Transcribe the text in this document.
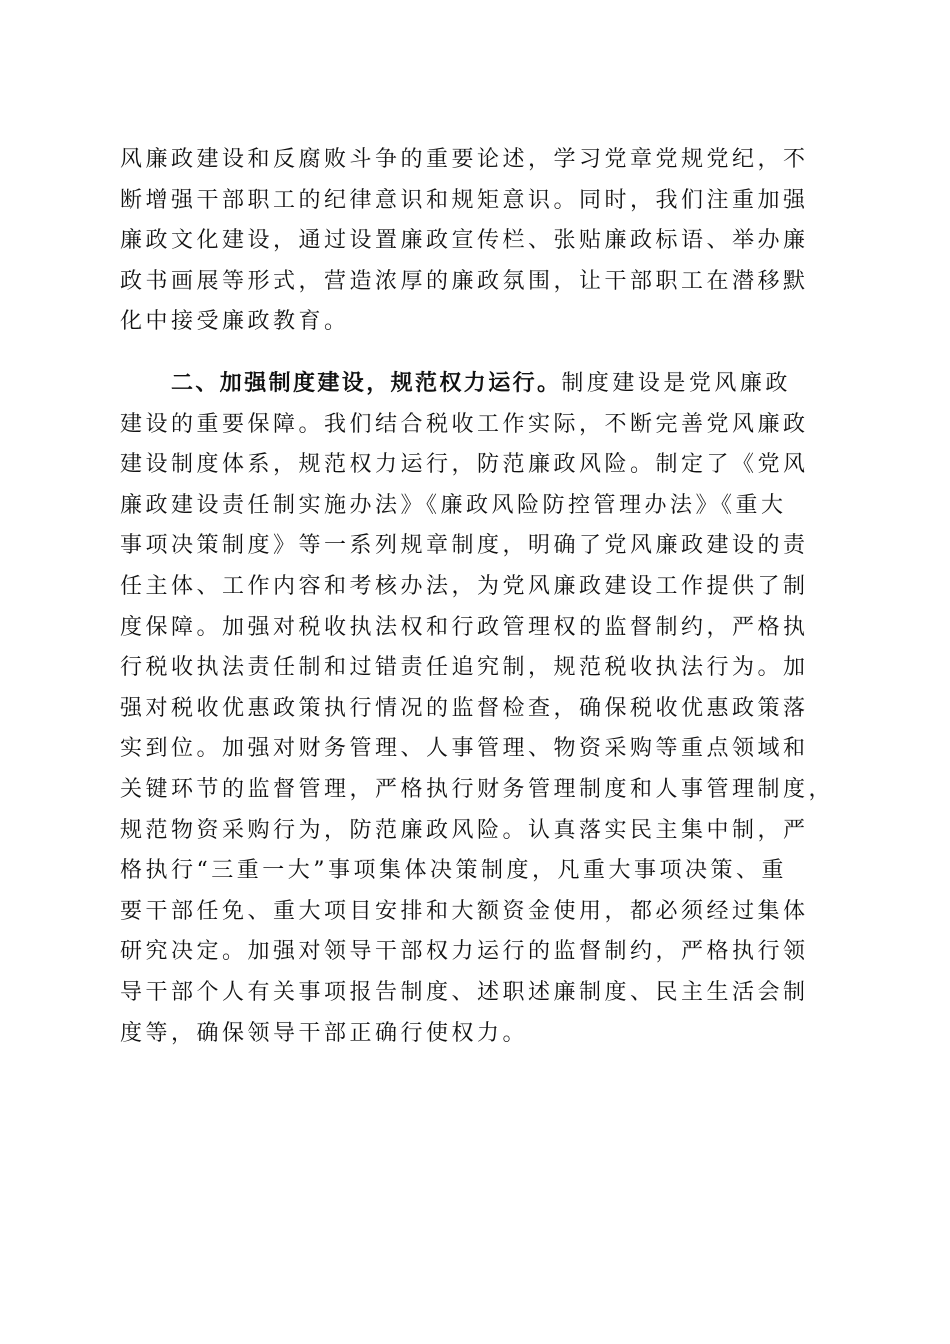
风廉政建设和反腐败斗争的重要论述，学习党章党规党纪，不
断增强干部职工的纪律意识和规矩意识。同时，我们注重加强
廉政文化建设，通过设置廉政宣传栏、张贴廉政标语、举办廉
政书画展等形式，营造浓厚的廉政氛围，让干部职工在潜移默
化中接受廉政教育。
二、加强制度建设，规范权力运行。制度建设是党风廉政
建设的重要保障。我们结合税收工作实际，不断完善党风廉政
建设制度体系，规范权力运行，防范廉政风险。制定了《党风
廉政建设责任制实施办法》《廉政风险防控管理办法》《重大
事项决策制度》等一系列规章制度，明确了党风廉政建设的责
任主体、工作内容和考核办法，为党风廉政建设工作提供了制
度保障。加强对税收执法权和行政管理权的监督制约，严格执
行税收执法责任制和过错责任追究制，规范税收执法行为。加
强对税收优惠政策执行情况的监督检查，确保税收优惠政策落
实到位。加强对财务管理、人事管理、物资采购等重点领域和
关键环节的监督管理，严格执行财务管理制度和人事管理制度，
规范物资采购行为，防范廉政风险。认真落实民主集中制，严
格执行“三重一大”事项集体决策制度，凡重大事项决策、重
要干部任免、重大项目安排和大额资金使用，都必须经过集体
研究决定。加强对领导干部权力运行的监督制约，严格执行领
导干部个人有关事项报告制度、述职述廉制度、民主生活会制
度等，确保领导干部正确行使权力。
